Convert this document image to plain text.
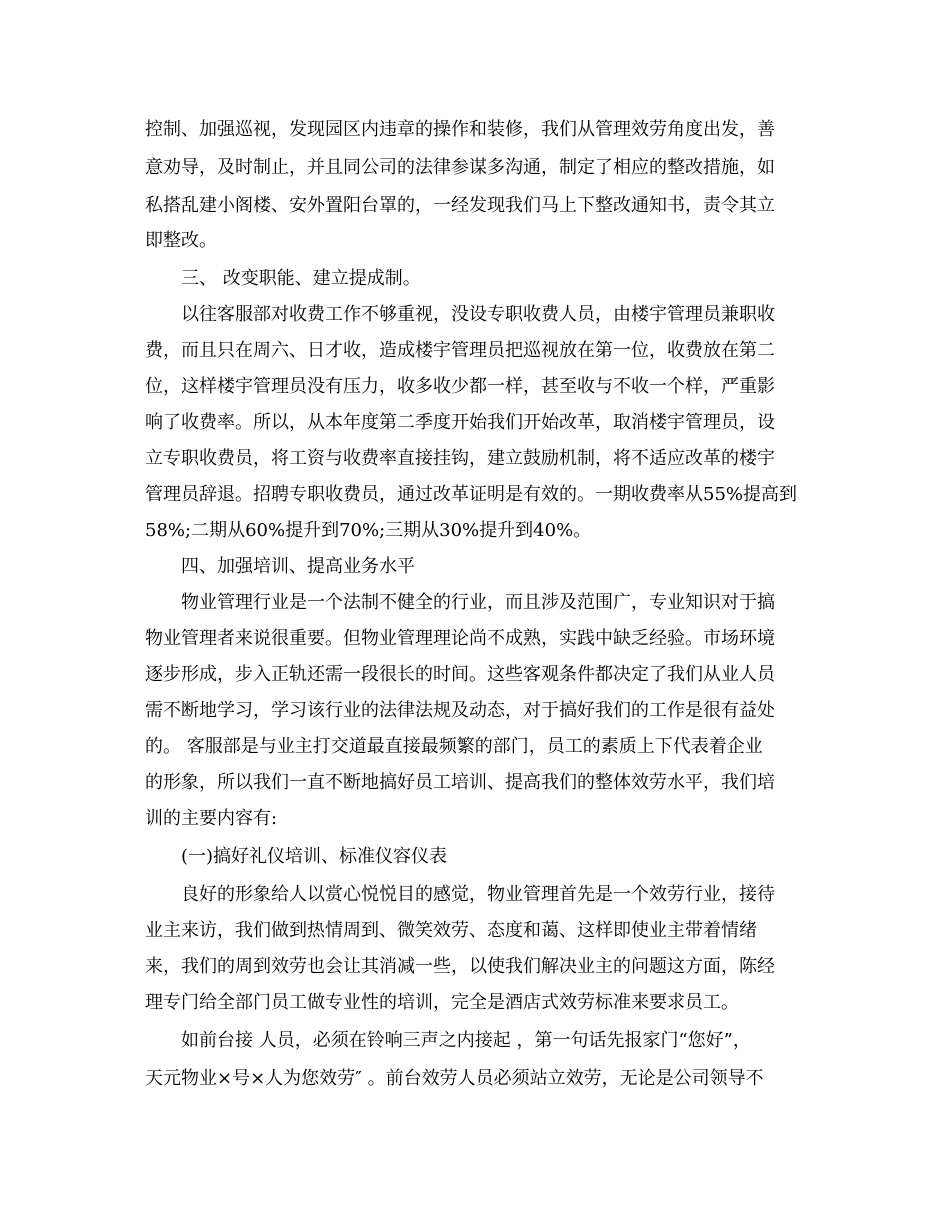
控制、加强巡视，发现园区内违章的操作和装修，我们从管理效劳角度出发，善
意劝导，及时制止，并且同公司的法律参谋多沟通，制定了相应的整改措施，如
私搭乱建小阁楼、安外置阳台罩的，一经发现我们马上下整改通知书，责令其立
即整改。
三、 改变职能、建立提成制。
以往客服部对收费工作不够重视，没设专职收费人员，由楼宇管理员兼职收
费，而且只在周六、日才收，造成楼宇管理员把巡视放在第一位，收费放在第二
位，这样楼宇管理员没有压力，收多收少都一样，甚至收与不收一个样，严重影
响了收费率。所以，从本年度第二季度开始我们开始改革，取消楼宇管理员，设
立专职收费员，将工资与收费率直接挂钩，建立鼓励机制，将不适应改革的楼宇
管理员辞退。招聘专职收费员，通过改革证明是有效的。一期收费率从55%提高到
58%;二期从60%提升到70%;三期从30%提升到40%。
四、加强培训、提高业务水平
物业管理行业是一个法制不健全的行业，而且涉及范围广，专业知识对于搞
物业管理者来说很重要。但物业管理理论尚不成熟，实践中缺乏经验。市场环境
逐步形成，步入正轨还需一段很长的时间。这些客观条件都决定了我们从业人员
需不断地学习，学习该行业的法律法规及动态，对于搞好我们的工作是很有益处
的。 客服部是与业主打交道最直接最频繁的部门，员工的素质上下代表着企业
的形象，所以我们一直不断地搞好员工培训、提高我们的整体效劳水平，我们培
训的主要内容有:
(一)搞好礼仪培训、标准仪容仪表
良好的形象给人以赏心悦悦目的感觉，物业管理首先是一个效劳行业，接待
业主来访，我们做到热情周到、微笑效劳、态度和蔼、这样即使业主带着情绪
来，我们的周到效劳也会让其消减一些，以使我们解决业主的问题这方面，陈经
理专门给全部门员工做专业性的培训，完全是酒店式效劳标准来要求员工。
如前台接 人员，必须在铃响三声之内接起 ，第一句话先报家门“您好”，
天元物业×号×人为您效劳″ 。前台效劳人员必须站立效劳，无论是公司领导不
